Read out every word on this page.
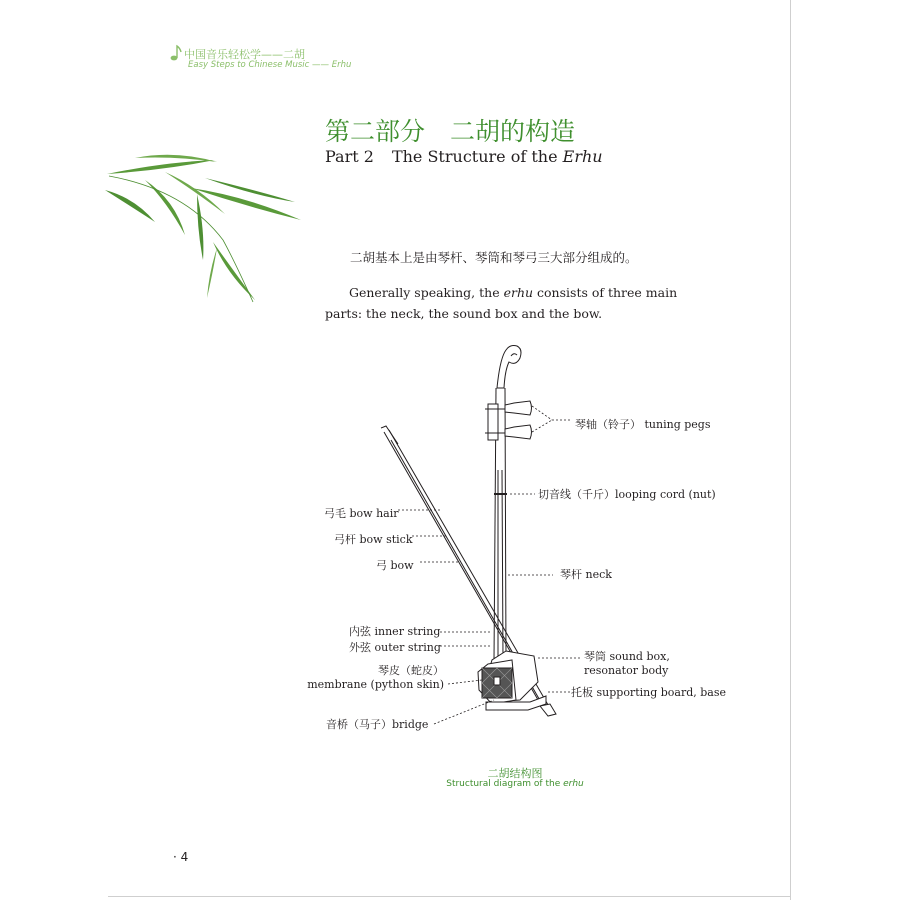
中国音乐轻松学——二胡
Easy Steps to Chinese Music —— Erhu
第二部分　二胡的构造
Part 2 The Structure of the Erhu
二胡基本上是由琴杆、琴筒和琴弓三大部分组成的。
Generally speaking, the erhu consists of three main parts: the neck, the sound box and the bow.
琴轴（铃子） tuning pegs
切音线（千斤）looping cord (nut)
弓毛 bow hair
弓杆 bow stick
弓 bow
琴杆 neck
内弦 inner string
外弦 outer string
琴筒 sound box,
resonator body
琴皮（蛇皮）
membrane (python skin)
托板 supporting board, base
音桥（马子）bridge
二胡结构图
Structural diagram of the erhu
· 4
